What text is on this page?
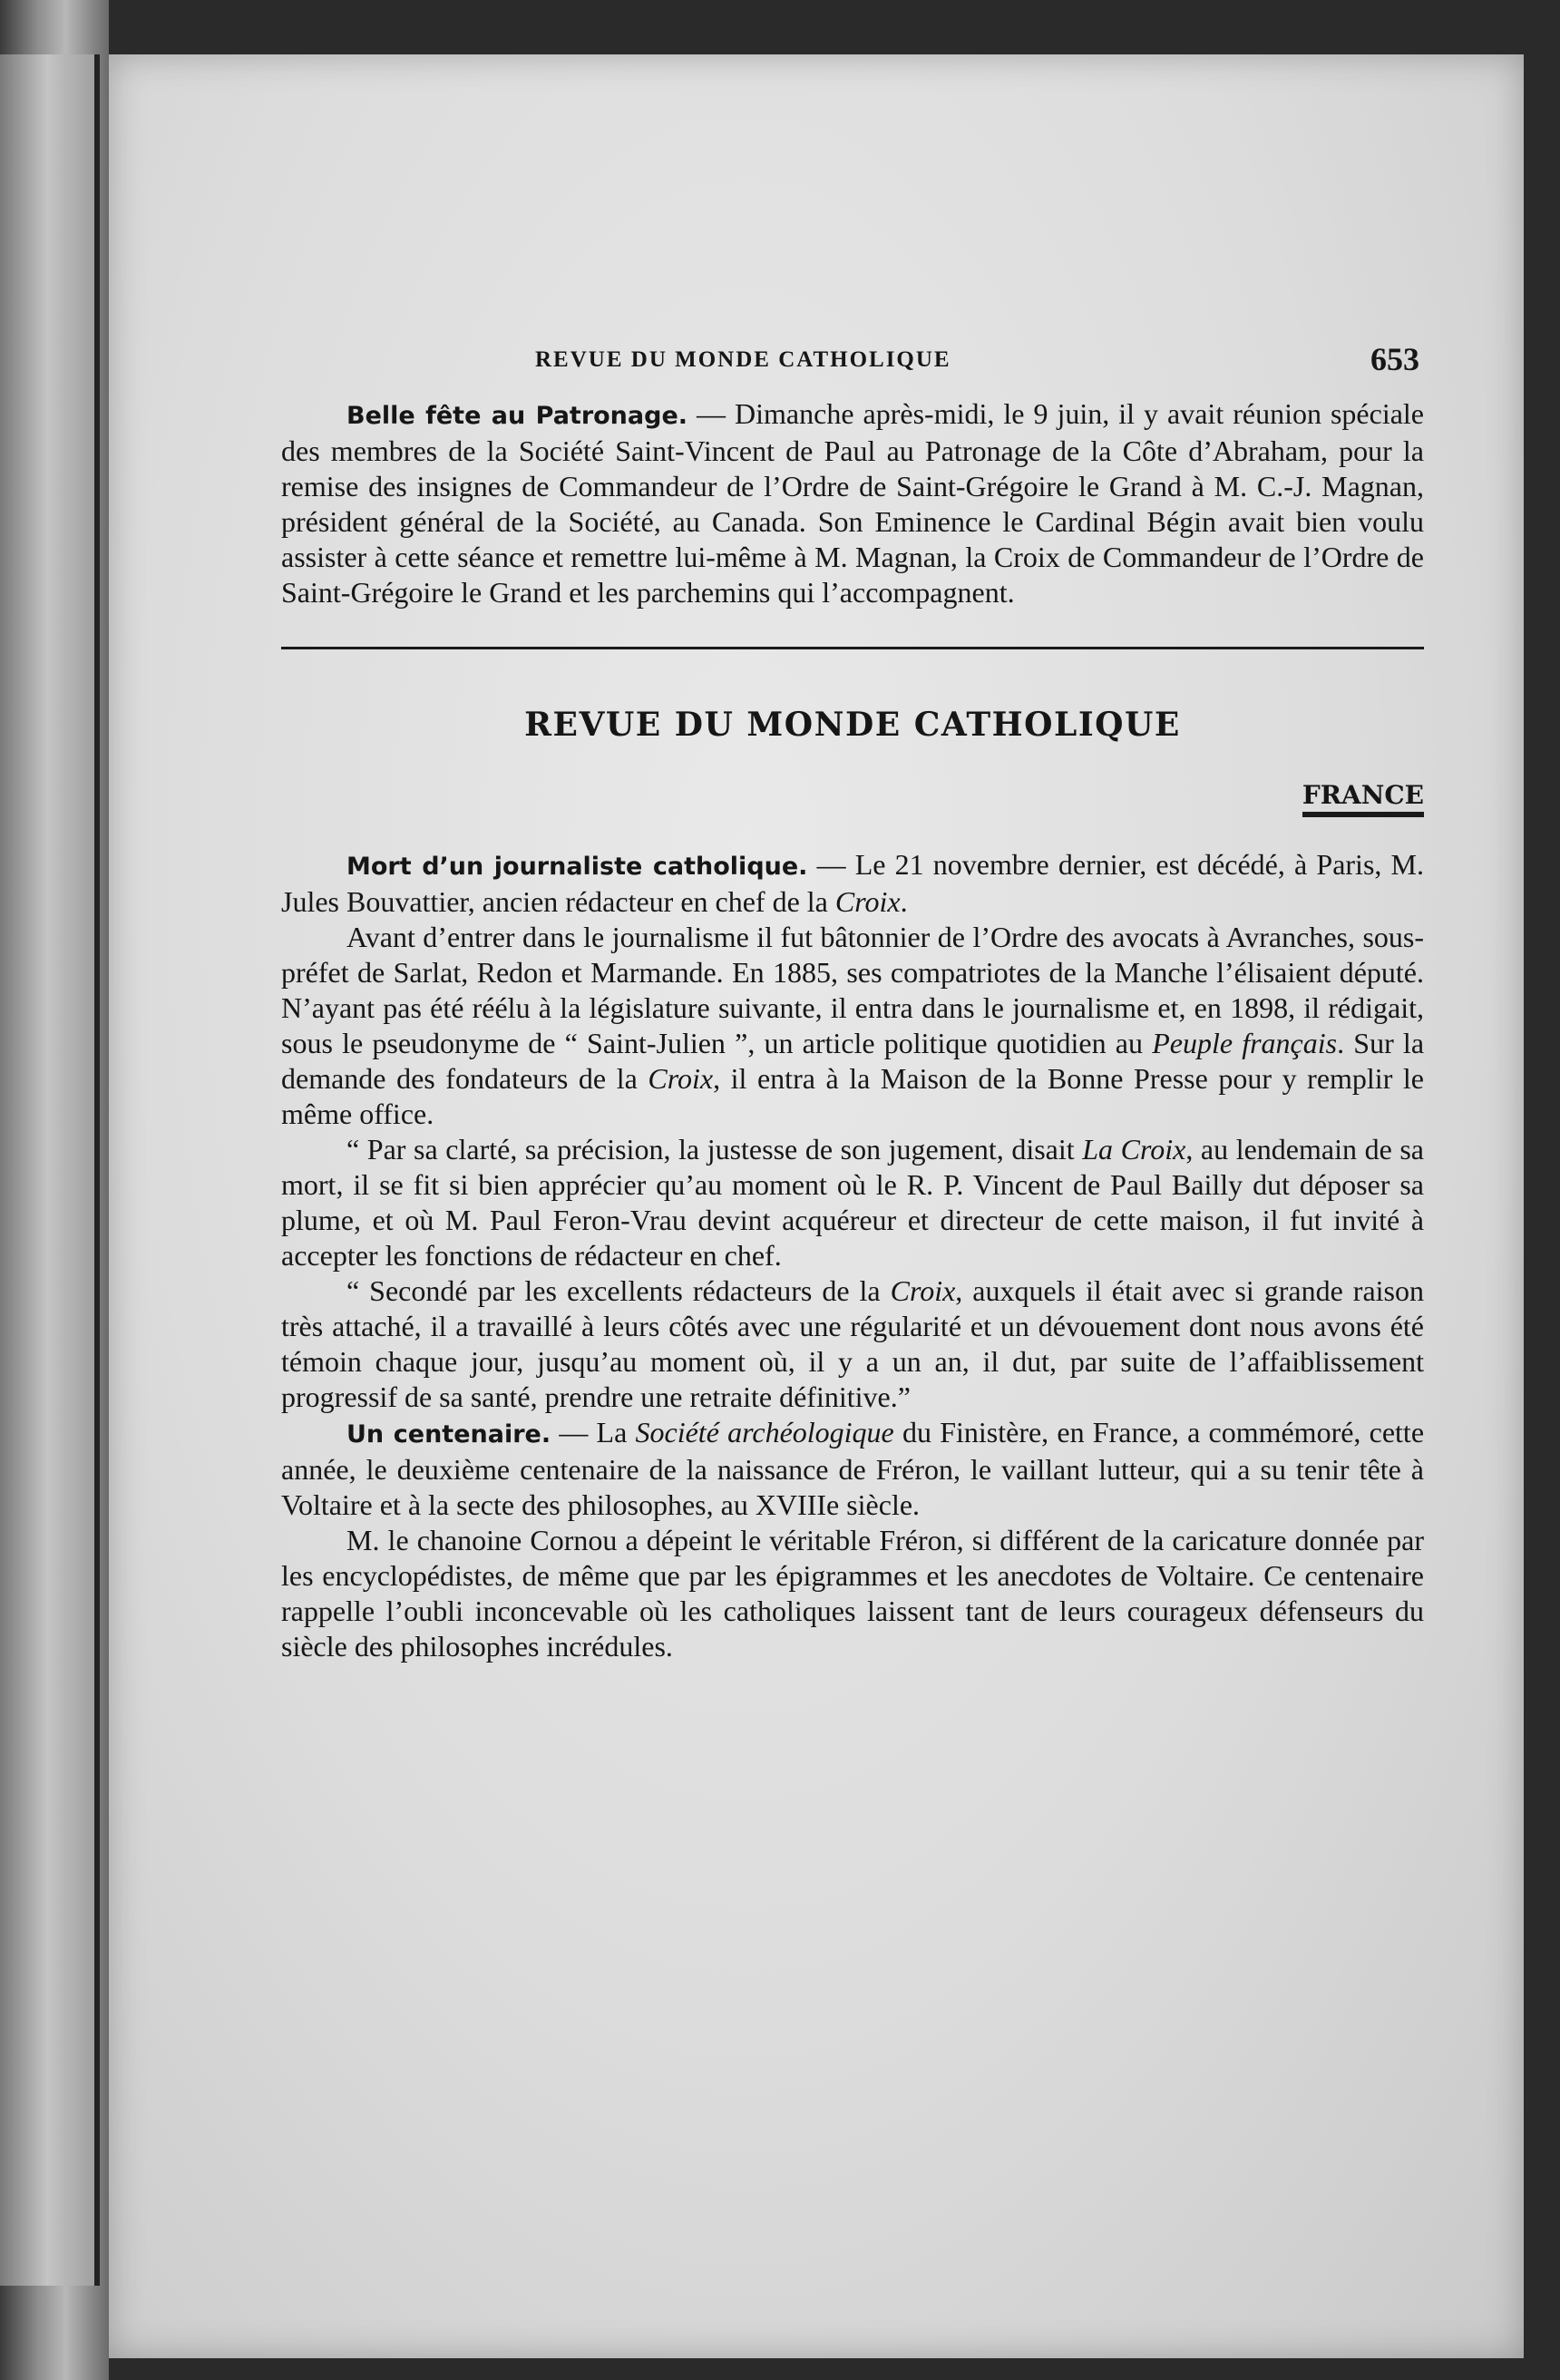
REVUE DU MONDE CATHOLIQUE	653

Belle fête au Patronage. — Dimanche après-midi, le 9 juin, il y avait réunion spéciale des membres de la Société Saint-Vincent de Paul au Patronage de la Côte d’Abraham, pour la remise des insignes de Commandeur de l’Ordre de Saint-Grégoire le Grand à M. C.-J. Magnan, président général de la Société, au Canada. Son Eminence le Cardinal Bégin avait bien voulu assister à cette séance et remettre lui-même à M. Magnan, la Croix de Commandeur de l’Ordre de Saint-Grégoire le Grand et les parchemins qui l’accompagnent.

REVUE DU MONDE CATHOLIQUE
FRANCE

Mort d’un journaliste catholique. — Le 21 novembre dernier, est décédé, à Paris, M. Jules Bouvattier, ancien rédacteur en chef de la Croix.

Avant d’entrer dans le journalisme il fut bâtonnier de l’Ordre des avocats à Avranches, sous-préfet de Sarlat, Redon et Marmande. En 1885, ses compatriotes de la Manche l’élisaient député. N’ayant pas été réélu à la législature suivante, il entra dans le journalisme et, en 1898, il rédigait, sous le pseudonyme de “ Saint-Julien ”, un article politique quotidien au Peuple français. Sur la demande des fondateurs de la Croix, il entra à la Maison de la Bonne Presse pour y remplir le même office.

“ Par sa clarté, sa précision, la justesse de son jugement, disait La Croix, au lendemain de sa mort, il se fit si bien apprécier qu’au moment où le R. P. Vincent de Paul Bailly dut déposer sa plume, et où M. Paul Feron-Vrau devint acquéreur et directeur de cette maison, il fut invité à accepter les fonctions de rédacteur en chef.

“ Secondé par les excellents rédacteurs de la Croix, auxquels il était avec si grande raison très attaché, il a travaillé à leurs côtés avec une régularité et un dévouement dont nous avons été témoin chaque jour, jusqu’au moment où, il y a un an, il dut, par suite de l’affaiblissement progressif de sa santé, prendre une retraite définitive.”

Un centenaire. — La Société archéologique du Finistère, en France, a commémoré, cette année, le deuxième centenaire de la naissance de Fréron, le vaillant lutteur, qui a su tenir tête à Voltaire et à la secte des philosophes, au XVIIIe siècle.

M. le chanoine Cornou a dépeint le véritable Fréron, si différent de la caricature donnée par les encyclopédistes, de même que par les épigrammes et les anecdotes de Voltaire. Ce centenaire rappelle l’oubli inconcevable où les catholiques laissent tant de leurs courageux défenseurs du siècle des philosophes incrédules.
